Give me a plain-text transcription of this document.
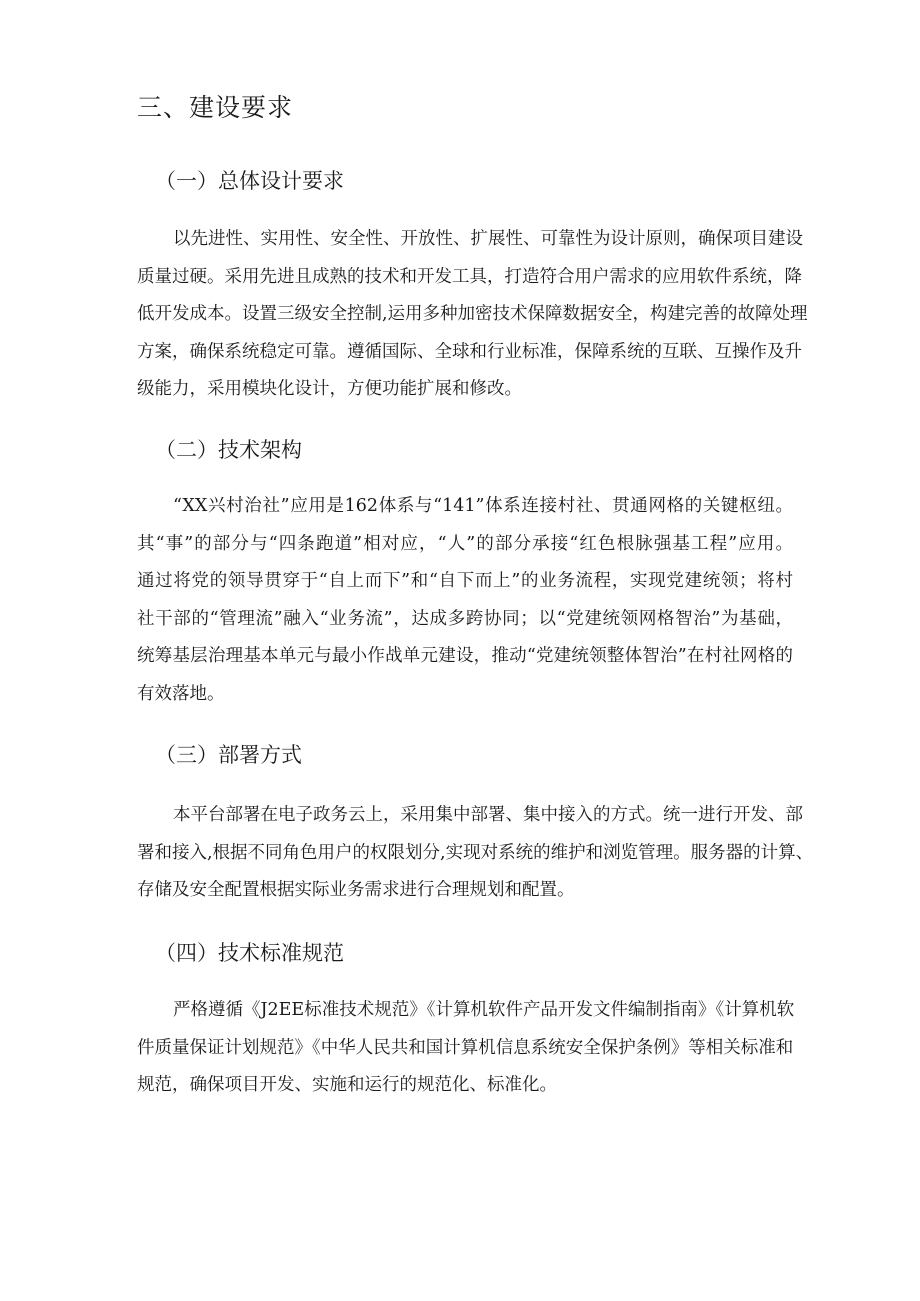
三、建设要求
（一）总体设计要求
以先进性、实用性、安全性、开放性、扩展性、可靠性为设计原则，确保项目建设
质量过硬。采用先进且成熟的技术和开发工具，打造符合用户需求的应用软件系统，降
低开发成本。设置三级安全控制,运用多种加密技术保障数据安全，构建完善的故障处理
方案，确保系统稳定可靠。遵循国际、全球和行业标准，保障系统的互联、互操作及升
级能力，采用模块化设计，方便功能扩展和修改。
（二）技术架构
“XX兴村治社”应用是162体系与“141”体系连接村社、贯通网格的关键枢纽。
其“事”的部分与“四条跑道”相对应，“人”的部分承接“红色根脉强基工程”应用。
通过将党的领导贯穿于“自上而下”和“自下而上”的业务流程，实现党建统领；将村
社干部的“管理流”融入“业务流”，达成多跨协同；以“党建统领网格智治”为基础，
统筹基层治理基本单元与最小作战单元建设，推动“党建统领整体智治”在村社网格的
有效落地。
（三）部署方式
本平台部署在电子政务云上，采用集中部署、集中接入的方式。统一进行开发、部
署和接入,根据不同角色用户的权限划分,实现对系统的维护和浏览管理。服务器的计算、
存储及安全配置根据实际业务需求进行合理规划和配置。
（四）技术标准规范
严格遵循《J2EE标准技术规范》《计算机软件产品开发文件编制指南》《计算机软
件质量保证计划规范》《中华人民共和国计算机信息系统安全保护条例》等相关标准和
规范，确保项目开发、实施和运行的规范化、标准化。
